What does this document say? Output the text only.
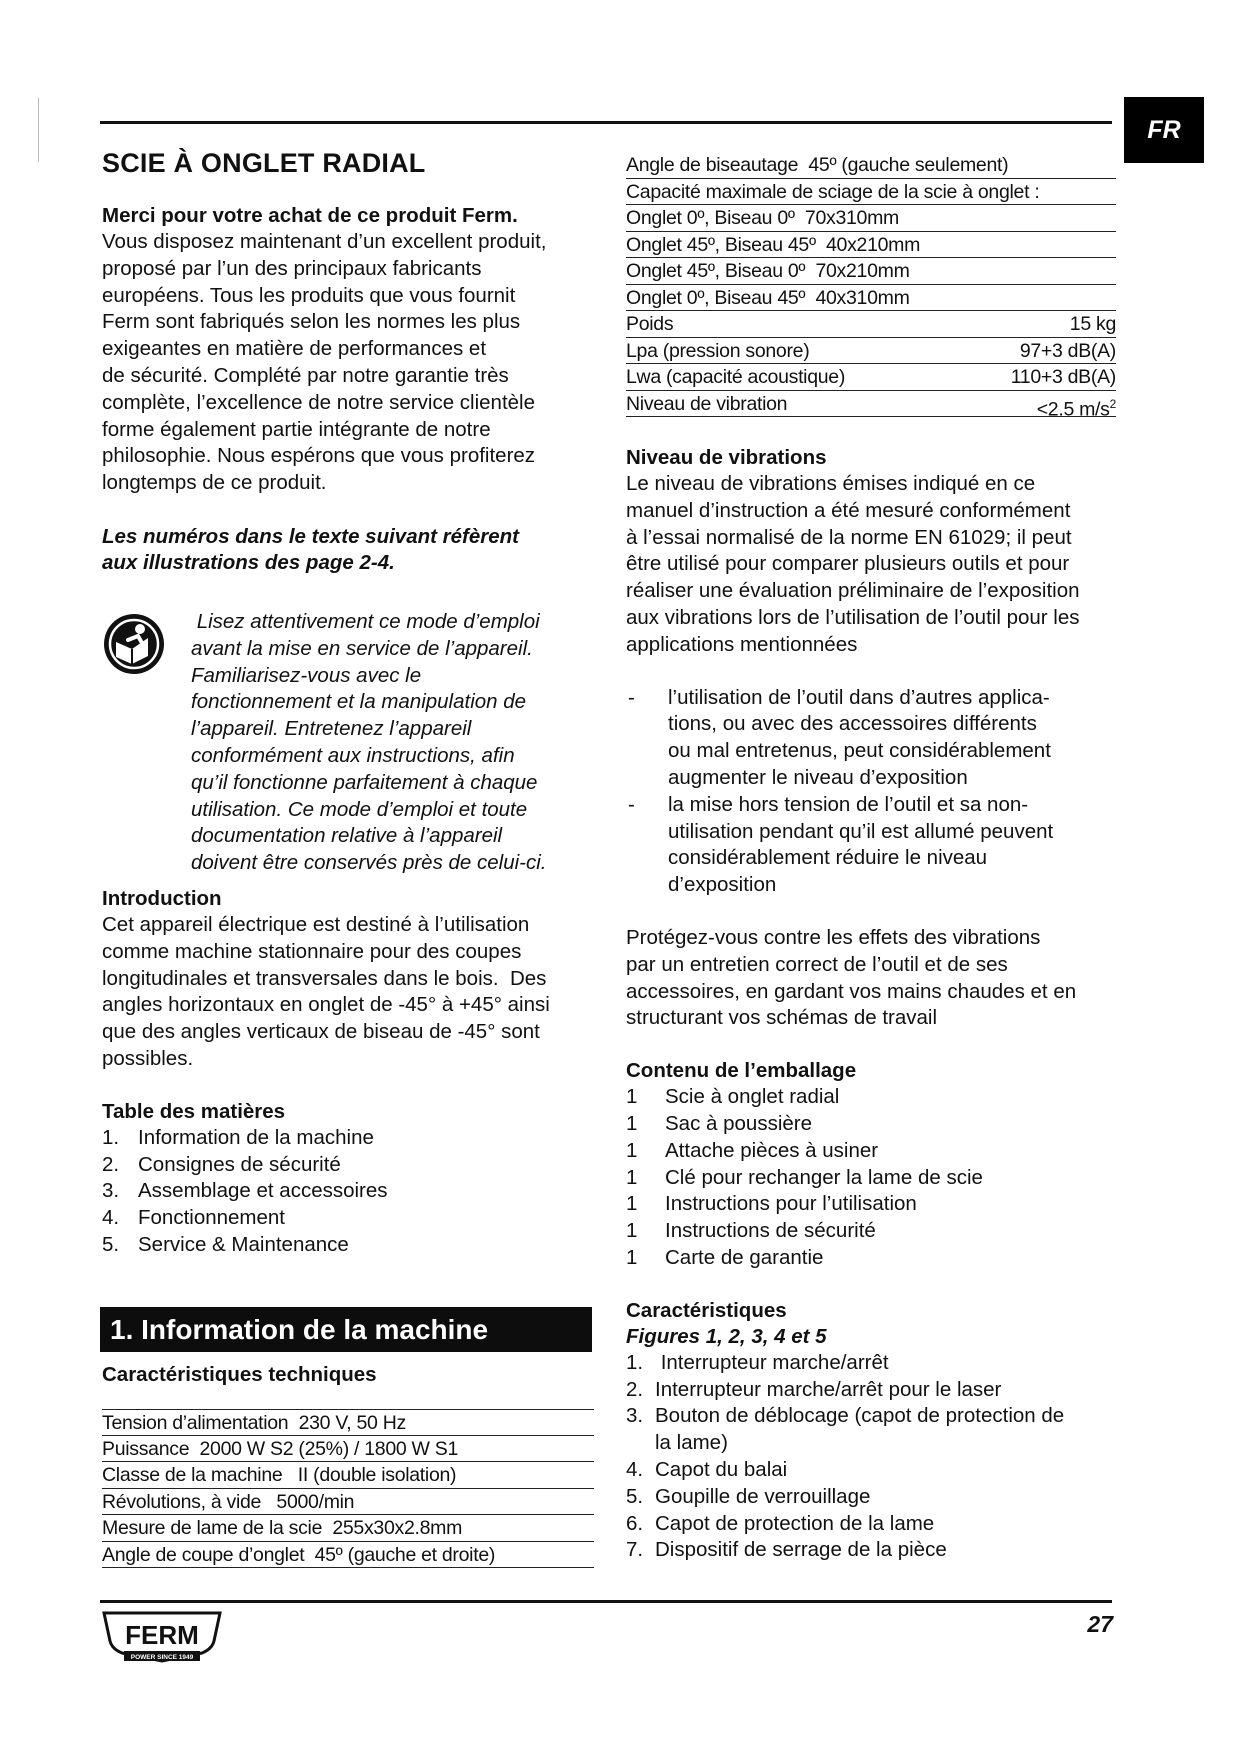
FR
SCIE À ONGLET RADIAL
Merci pour votre achat de ce produit Ferm.
Vous disposez maintenant d’un excellent produit,
proposé par l’un des principaux fabricants
européens. Tous les produits que vous fournit
Ferm sont fabriqués selon les normes les plus
exigeantes en matière de performances et
de sécurité. Complété par notre garantie très
complète, l’excellence de notre service clientèle
forme également partie intégrante de notre
philosophie. Nous espérons que vous profiterez
longtemps de ce produit.
Les numéros dans le texte suivant réfèrent
aux illustrations des page 2-4.
Lisez attentivement ce mode d’emploi
avant la mise en service de l’appareil.
Familiarisez-vous avec le
fonctionnement et la manipulation de
l’appareil. Entretenez l’appareil
conformément aux instructions, afin
qu’il fonctionne parfaitement à chaque
utilisation. Ce mode d’emploi et toute
documentation relative à l’appareil
doivent être conservés près de celui-ci.
Introduction
Cet appareil électrique est destiné à l’utilisation
comme machine stationnaire pour des coupes
longitudinales et transversales dans le bois.  Des
angles horizontaux en onglet de -45° à +45° ainsi
que des angles verticaux de biseau de -45° sont
possibles.
Table des matières
1. Information de la machine
2. Consignes de sécurité
3. Assemblage et accessoires
4. Fonctionnement
5. Service & Maintenance
1. Information de la machine
Caractéristiques techniques
Tension d’alimentation  230 V, 50 Hz
Puissance  2000 W S2 (25%) / 1800 W S1
Classe de la machine   II (double isolation)
Révolutions, à vide   5000/min
Mesure de lame de la scie  255x30x2.8mm
Angle de coupe d’onglet  45º (gauche et droite)
Angle de biseautage  45º (gauche seulement)
Capacité maximale de sciage de la scie à onglet :
Onglet 0º, Biseau 0º  70x310mm
Onglet 45º, Biseau 45º  40x210mm
Onglet 45º, Biseau 0º  70x210mm
Onglet 0º, Biseau 45º  40x310mm
Poids	15 kg
Lpa (pression sonore)	97+3 dB(A)
Lwa (capacité acoustique)	110+3 dB(A)
Niveau de vibration	<2.5 $m/s^2$
Niveau de vibrations
Le niveau de vibrations émises indiqué en ce
manuel d’instruction a été mesuré conformément
à l’essai normalisé de la norme EN 61029; il peut
être utilisé pour comparer plusieurs outils et pour
réaliser une évaluation préliminaire de l’exposition
aux vibrations lors de l’utilisation de l’outil pour les
applications mentionnées
-	l’utilisation de l’outil dans d’autres applica-
tions, ou avec des accessoires différents
ou mal entretenus, peut considérablement
augmenter le niveau d’exposition
-	la mise hors tension de l’outil et sa non-
utilisation pendant qu’il est allumé peuvent
considérablement réduire le niveau
d’exposition
Protégez-vous contre les effets des vibrations
par un entretien correct de l’outil et de ses
accessoires, en gardant vos mains chaudes et en
structurant vos schémas de travail
Contenu de l’emballage
1	Scie à onglet radial
1	Sac à poussière
1	Attache pièces à usiner
1	Clé pour rechanger la lame de scie
1	Instructions pour l’utilisation
1	Instructions de sécurité
1	Carte de garantie
Caractéristiques
Figures 1, 2, 3, 4 et 5
1. Interrupteur marche/arrêt
2. Interrupteur marche/arrêt pour le laser
3. Bouton de déblocage (capot de protection de
la lame)
4. Capot du balai
5. Goupille de verrouillage
6. Capot de protection de la lame
7. Dispositif de serrage de la pièce
FERM
POWER SINCE 1949
27
